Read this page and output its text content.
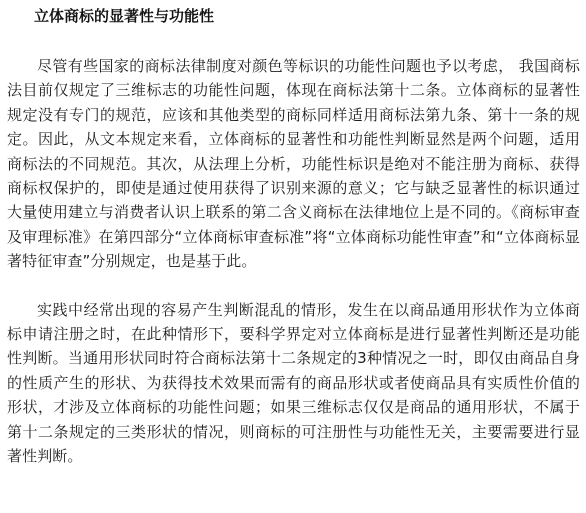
立体商标的显著性与功能性

尽管有些国家的商标法律制度对颜色等标识的功能性问题也予以考虑， 我国商标法目前仅规定了三维标志的功能性问题，体现在商标法第十二条。立体商标的显著性规定没有专门的规范，应该和其他类型的商标同样适用商标法第九条、第十一条的规定。因此，从文本规定来看，立体商标的显著性和功能性判断显然是两个问题，适用商标法的不同规范。其次，从法理上分析，功能性标识是绝对不能注册为商标、获得商标权保护的，即使是通过使用获得了识别来源的意义；它与缺乏显著性的标识通过大量使用建立与消费者认识上联系的第二含义商标在法律地位上是不同的。《商标审查及审理标准》在第四部分“立体商标审查标准”将“立体商标功能性审查”和“立体商标显著特征审查”分别规定，也是基于此。

实践中经常出现的容易产生判断混乱的情形，发生在以商品通用形状作为立体商标申请注册之时，在此种情形下，要科学界定对立体商标是进行显著性判断还是功能性判断。当通用形状同时符合商标法第十二条规定的3种情况之一时，即仅由商品自身的性质产生的形状、为获得技术效果而需有的商品形状或者使商品具有实质性价值的形状，才涉及立体商标的功能性问题；如果三维标志仅仅是商品的通用形状，不属于第十二条规定的三类形状的情况，则商标的可注册性与功能性无关，主要需要进行显著性判断。
